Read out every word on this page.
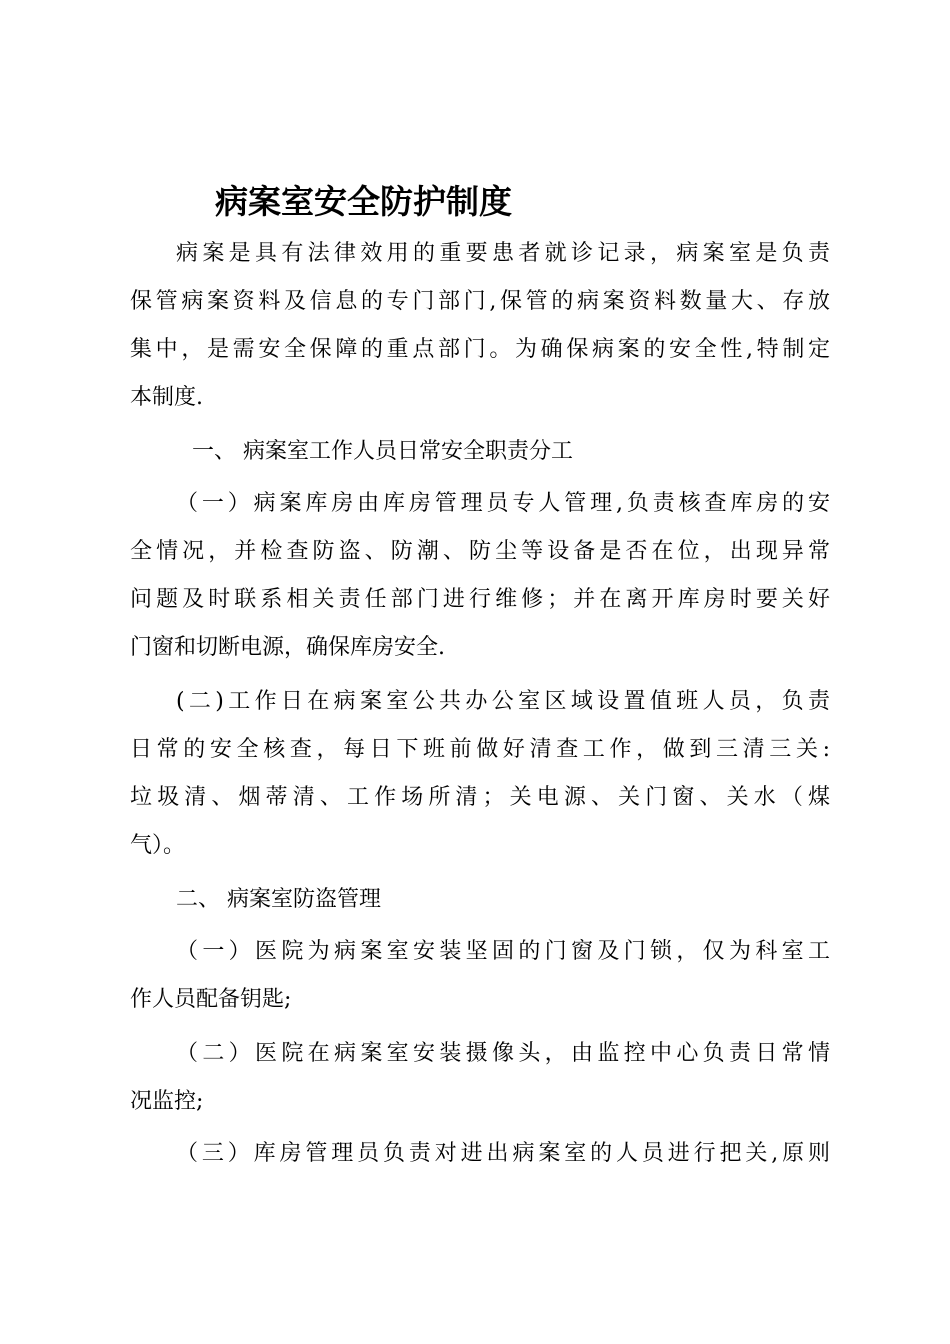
病案室安全防护制度
病案是具有法律效用的重要患者就诊记录，病案室是负责
保管病案资料及信息的专门部门,保管的病案资料数量大、存放
集中，是需安全保障的重点部门。为确保病案的安全性,特制定
本制度.
一、 病案室工作人员日常安全职责分工
（一）病案库房由库房管理员专人管理,负责核查库房的安
全情况，并检查防盗、防潮、防尘等设备是否在位，出现异常
问题及时联系相关责任部门进行维修；并在离开库房时要关好
门窗和切断电源，确保库房安全.
(二)工作日在病案室公共办公室区域设置值班人员，负责
日常的安全核查，每日下班前做好清查工作，做到三清三关:
垃圾清、烟蒂清、工作场所清；关电源、关门窗、关水（煤
气）。
二、 病案室防盗管理
（一）医院为病案室安装坚固的门窗及门锁，仅为科室工
作人员配备钥匙;
（二）医院在病案室安装摄像头，由监控中心负责日常情
况监控;
（三）库房管理员负责对进出病案室的人员进行把关,原则
